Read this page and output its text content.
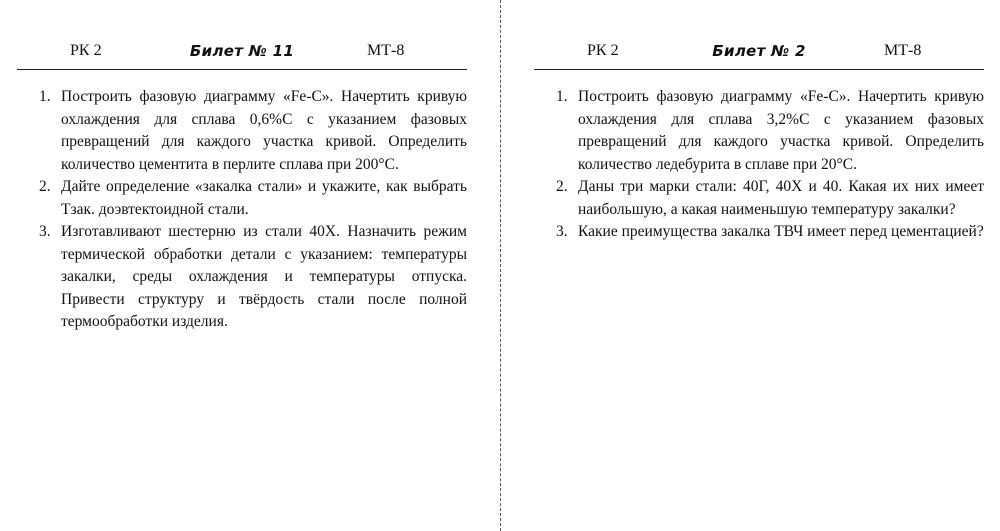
РК 2	Билет № 11	МТ-8
1. Построить фазовую диаграмму «Fe-C». Начертить кривую охлаждения для сплава 0,6%С с указанием фазовых превращений для каждого участка кривой. Определить количество цементита в перлите сплава при 200°С.
2. Дайте определение «закалка стали» и укажите, как выбрать Тзак. доэвтектоидной стали.
3. Изготавливают шестерню из стали 40Х. Назначить режим термической обработки детали с указанием: температуры закалки, среды охлаждения и температуры отпуска. Привести структуру и твёрдость стали после полной термообработки изделия.
РК 2	Билет № 2	МТ-8
1. Построить фазовую диаграмму «Fe-C». Начертить кривую охлаждения для сплава 3,2%С с указанием фазовых превращений для каждого участка кривой. Определить количество ледебурита в сплаве при 20°С.
2. Даны три марки стали: 40Г, 40Х и 40. Какая их них имеет наибольшую, а какая наименьшую температуру закалки?
3. Какие преимущества закалка ТВЧ имеет перед цементацией?
